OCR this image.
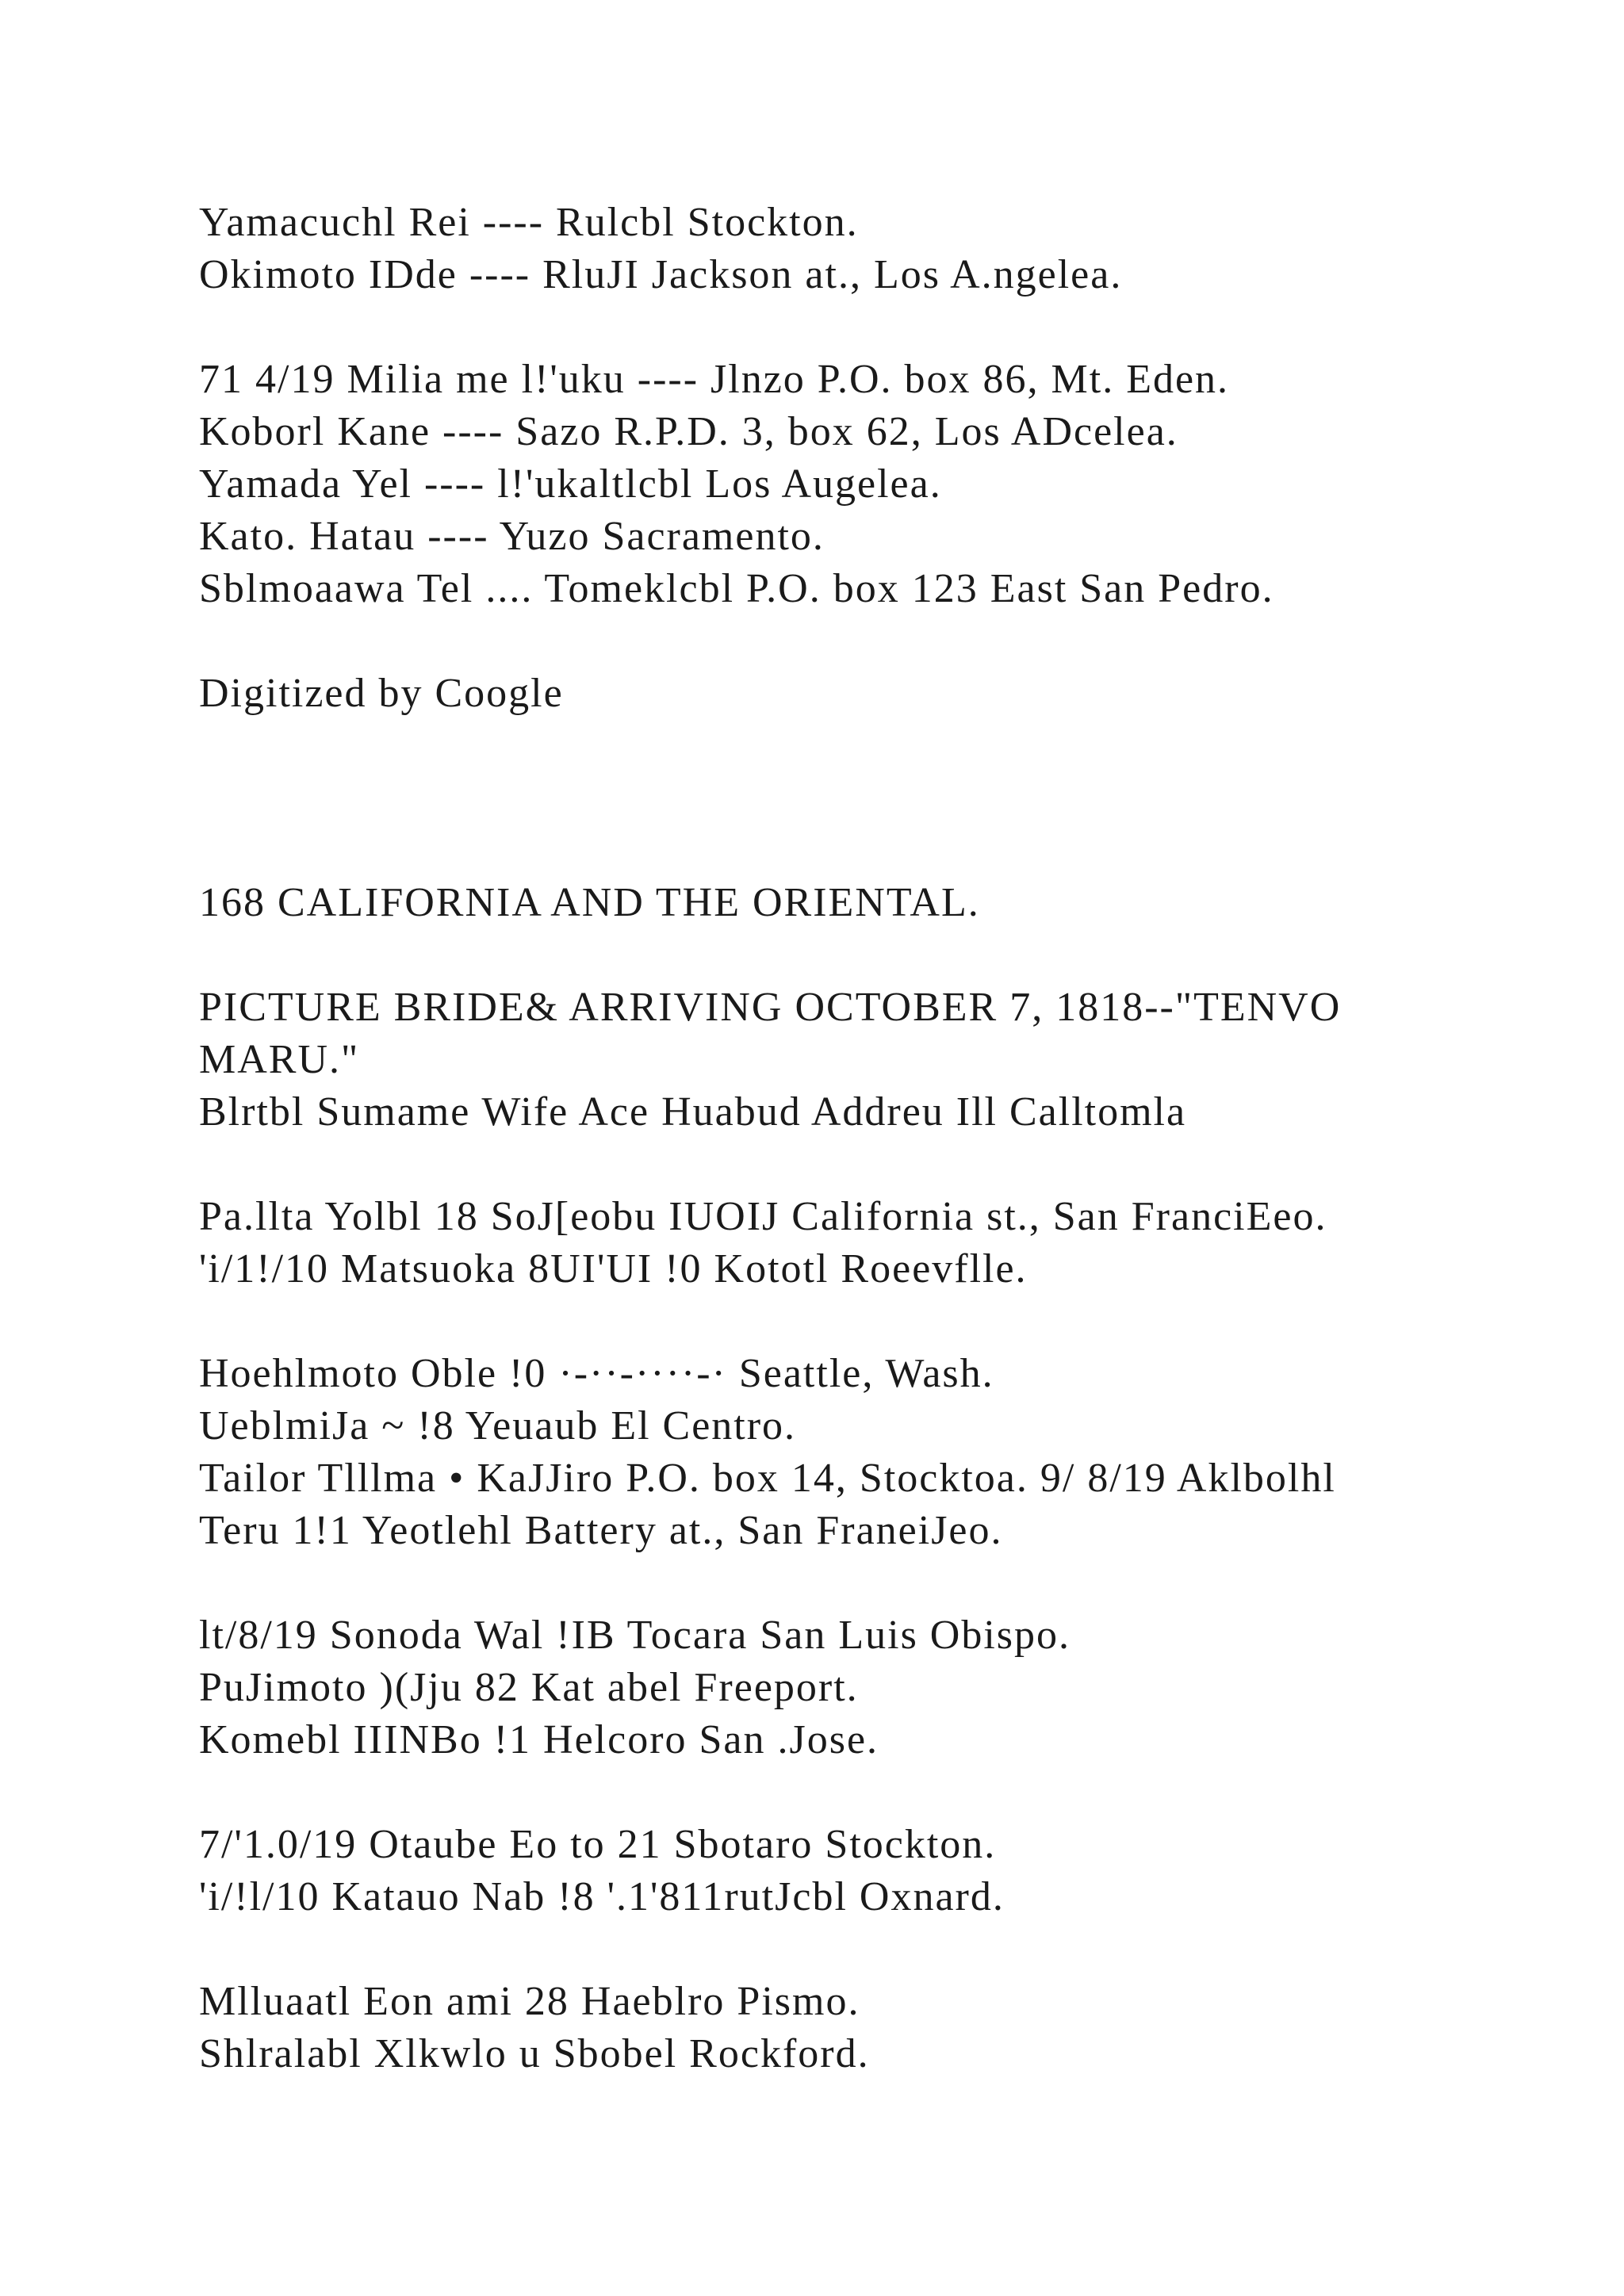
Yamacuchl Rei ---- Rulcbl Stockton.

Okimoto IDde ---- RluJI Jackson at., Los A.ngelea.

71 4/19 Milia me l!'uku ---- Jlnzo P.O. box 86, Mt. Eden.

Koborl Kane ---- Sazo R.P.D. 3, box 62, Los ADcelea.

Yamada Yel ---- l!'ukaltlcbl Los Augelea.

Kato. Hatau ---- Yuzo Sacramento.

Sblmoaawa Tel .... Tomeklcbl P.O. box 123 East San Pedro.

Digitized by Coogle

168 CALIFORNIA AND THE ORIENTAL.

PICTURE BRIDE& ARRIVING OCTOBER 7, 1818--"TENVO

MARU."

Blrtbl Sumame Wife Ace Huabud Addreu Ill Calltomla

Pa.llta Yolbl 18 SoJ[eobu IUOIJ California st., San FranciEeo.

'i/1!/10 Matsuoka 8UI'UI !0 Kototl Roeevflle.

Hoehlmoto Oble !0 ·-··-····-· Seattle, Wash.

UeblmiJa ~ !8 Yeuaub El Centro.

Tailor Tlllma • KaJJiro P.O. box 14, Stocktoa. 9/ 8/19 Aklbolhl

Teru 1!1 Yeotlehl Battery at., San FraneiJeo.

lt/8/19 Sonoda Wal !IB Tocara San Luis Obispo.

PuJimoto )(Jju 82 Kat abel Freeport.

Komebl IIINBo !1 Helcoro San .Jose.

7/'1.0/19 Otaube Eo to 21 Sbotaro Stockton.

'i/!l/10 Katauo Nab !8 '.1'811rutJcbl Oxnard.

Mlluaatl Eon ami 28 Haeblro Pismo.

Shlralabl Xlkwlo u Sbobel Rockford.
